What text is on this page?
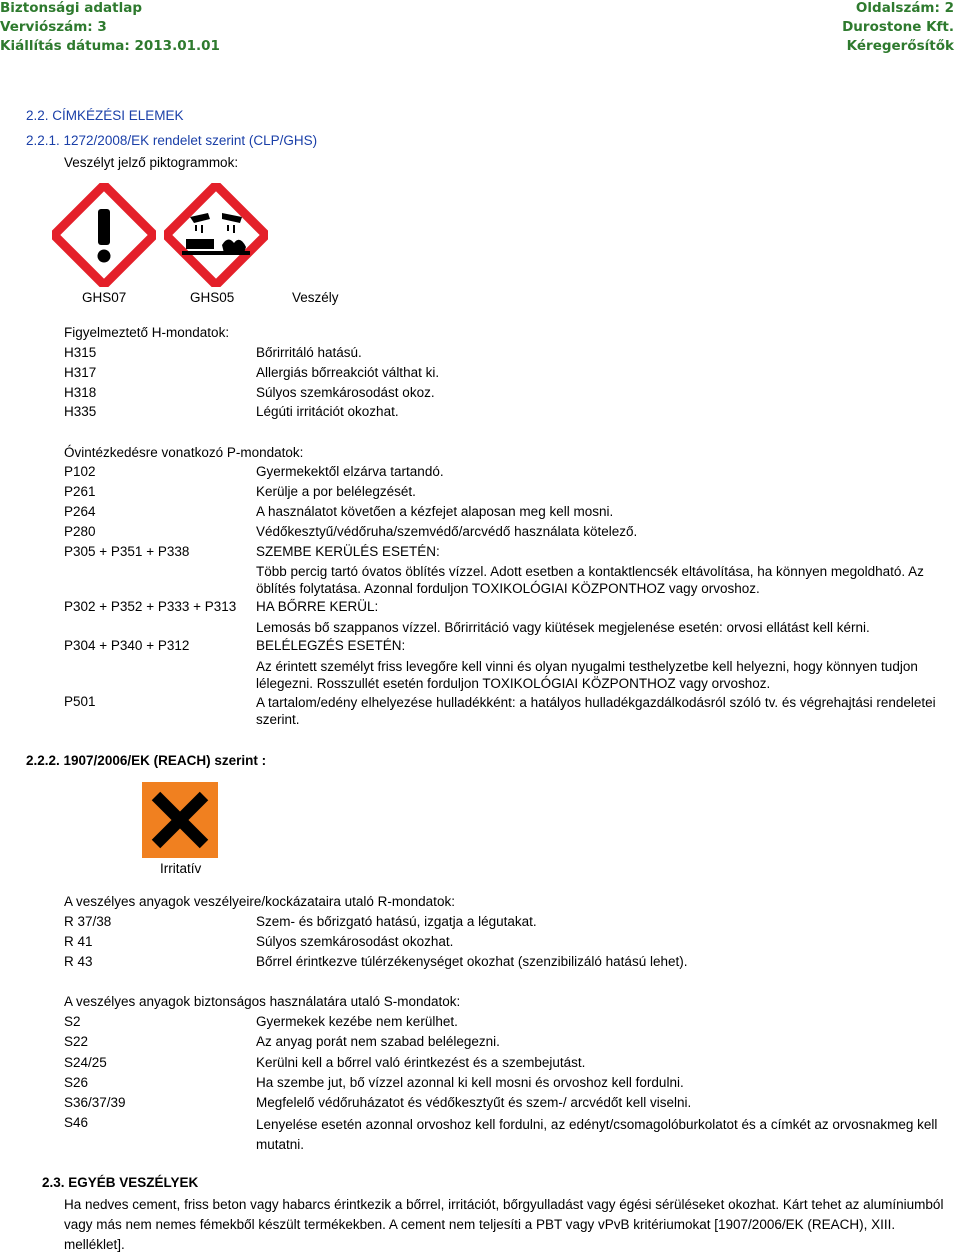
Biztonsági adatlap
Verviószám: 3
Kiállítás dátuma: 2013.01.01
Oldalszám: 2
Durostone Kft.
Kéregerősítők
2.2. CÍMKÉZÉSI ELEMEK
2.2.1. 1272/2008/EK rendelet szerint (CLP/GHS)
Veszélyt jelző piktogrammok:
GHS07	GHS05	Veszély
Figyelmeztető H-mondatok:
H315	Bőrirritáló hatású.
H317	Allergiás bőrreakciót válthat ki.
H318	Súlyos szemkárosodást okoz.
H335	Légúti irritációt okozhat.
Óvintézkedésre vonatkozó P-mondatok:
P102	Gyermekektől elzárva tartandó.
P261	Kerülje a por belélegzését.
P264	A használatot követően a kézfejet alaposan meg kell mosni.
P280	Védőkesztyű/védőruha/szemvédő/arcvédő használata kötelező.
P305 + P351 + P338	SZEMBE KERÜLÉS ESETÉN:
Több percig tartó óvatos öblítés vízzel. Adott esetben a kontaktlencsék eltávolítása, ha könnyen megoldható. Az öblítés folytatása. Azonnal forduljon TOXIKOLÓGIAI KÖZPONTHOZ vagy orvoshoz.
P302 + P352 + P333 + P313 HA BŐRRE KERÜL:
Lemosás bő szappanos vízzel. Bőrirritáció vagy kiütések megjelenése esetén: orvosi ellátást kell kérni.
P304 + P340 + P312	BELÉLEGZÉS ESETÉN:
Az érintett személyt friss levegőre kell vinni és olyan nyugalmi testhelyzetbe kell helyezni, hogy könnyen tudjon lélegezni. Rosszullét esetén forduljon TOXIKOLÓGIAI KÖZPONTHOZ vagy orvoshoz.
P501	A tartalom/edény elhelyezése hulladékként: a hatályos hulladékgazdálkodásról szóló tv. és végrehajtási rendeletei szerint.
2.2.2. 1907/2006/EK (REACH) szerint :
Irritatív
A veszélyes anyagok veszélyeire/kockázataira utaló R-mondatok:
R 37/38	Szem- és bőrizgató hatású, izgatja a légutakat.
R 41	Súlyos szemkárosodást okozhat.
R 43	Bőrrel érintkezve túlérzékenységet okozhat (szenzibilizáló hatású lehet).
A veszélyes anyagok biztonságos használatára utaló S-mondatok:
S2	Gyermekek kezébe nem kerülhet.
S22	Az anyag porát nem szabad belélegezni.
S24/25	Kerülni kell a bőrrel való érintkezést és a szembejutást.
S26	Ha szembe jut, bő vízzel azonnal ki kell mosni és orvoshoz kell fordulni.
S36/37/39	Megfelelő védőruházatot és védőkesztyűt és szem-/ arcvédőt kell viselni.
S46	Lenyelése esetén azonnal orvoshoz kell fordulni, az edényt/csomagolóburkolatot és a címkét az orvosnakmeg kell mutatni.
2.3. EGYÉB VESZÉLYEK
Ha nedves cement, friss beton vagy habarcs érintkezik a bőrrel, irritációt, bőrgyulladást vagy égési sérüléseket okozhat. Kárt tehet az alumíniumból vagy más nem nemes fémekből készült termékekben. A cement nem teljesíti a PBT vagy vPvB kritériumokat [1907/2006/EK (REACH), XIII. melléklet].
